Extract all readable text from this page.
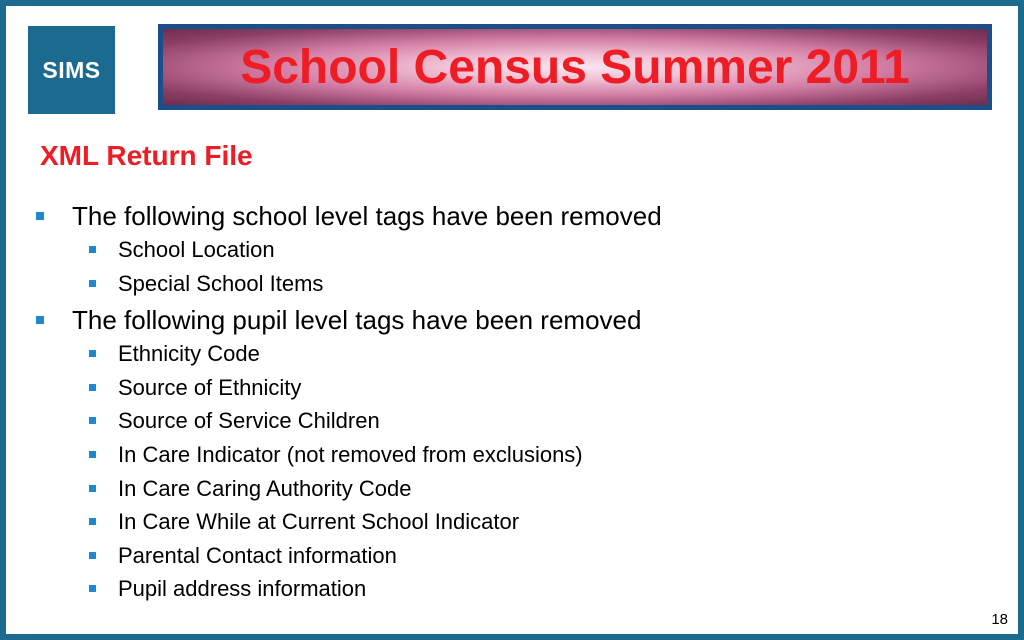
SIMS	School Census Summer 2011
XML Return File
The following school level tags have been removed
School Location
Special School Items
The following pupil level tags have been removed
Ethnicity Code
Source of Ethnicity
Source of Service Children
In Care Indicator (not removed from exclusions)
In Care Caring Authority Code
In Care While at Current School Indicator
Parental Contact information
Pupil address information
18
